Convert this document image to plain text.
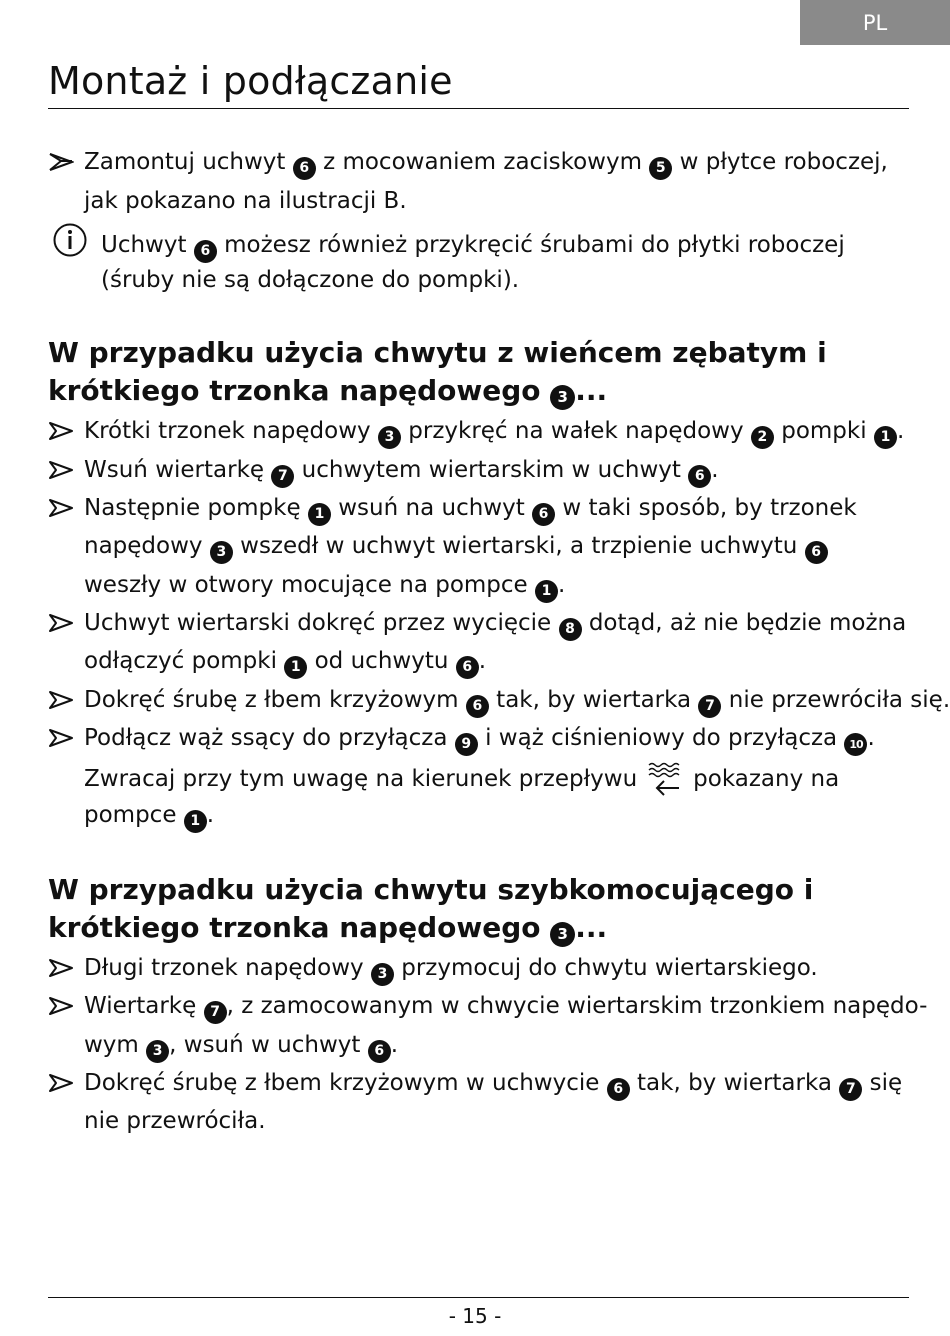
PL
Montaż i podłączanie
Zamontuj uchwyt 6 z mocowaniem zaciskowym 5 w płytce roboczej,
jak pokazano na ilustracji B.
Uchwyt 6 możesz również przykręcić śrubami do płytki roboczej
(śruby nie są dołączone do pompki).
W przypadku użycia chwytu z wieńcem zębatym i
krótkiego trzonka napędowego 3 ...
Krótki trzonek napędowy 3 przykręć na wałek napędowy 2 pompki 1 .
Wsuń wiertarkę 7 uchwytem wiertarskim w uchwyt 6 .
Następnie pompkę 1 wsuń na uchwyt 6 w taki sposób, by trzonek
napędowy 3 wszedł w uchwyt wiertarski, a trzpienie uchwytu 6
weszły w otwory mocujące na pompce 1 .
Uchwyt wiertarski dokręć przez wycięcie 8 dotąd, aż nie będzie można
odłączyć pompki 1 od uchwytu 6 .
Dokręć śrubę z łbem krzyżowym 6 tak, by wiertarka 7 nie przewróciła się.
Podłącz wąż ssący do przyłącza 9 i wąż ciśnieniowy do przyłącza 10 .
Zwracaj przy tym uwagę na kierunek przepływu pokazany na
pompce 1 .
W przypadku użycia chwytu szybkomocującego i
krótkiego trzonka napędowego 3 ...
Długi trzonek napędowy 3 przymocuj do chwytu wiertarskiego.
Wiertarkę 7 , z zamocowanym w chwycie wiertarskim trzonkiem napędo-
wym 3 , wsuń w uchwyt 6 .
Dokręć śrubę z łbem krzyżowym w uchwycie 6 tak, by wiertarka 7 się
nie przewróciła.
- 15 -
